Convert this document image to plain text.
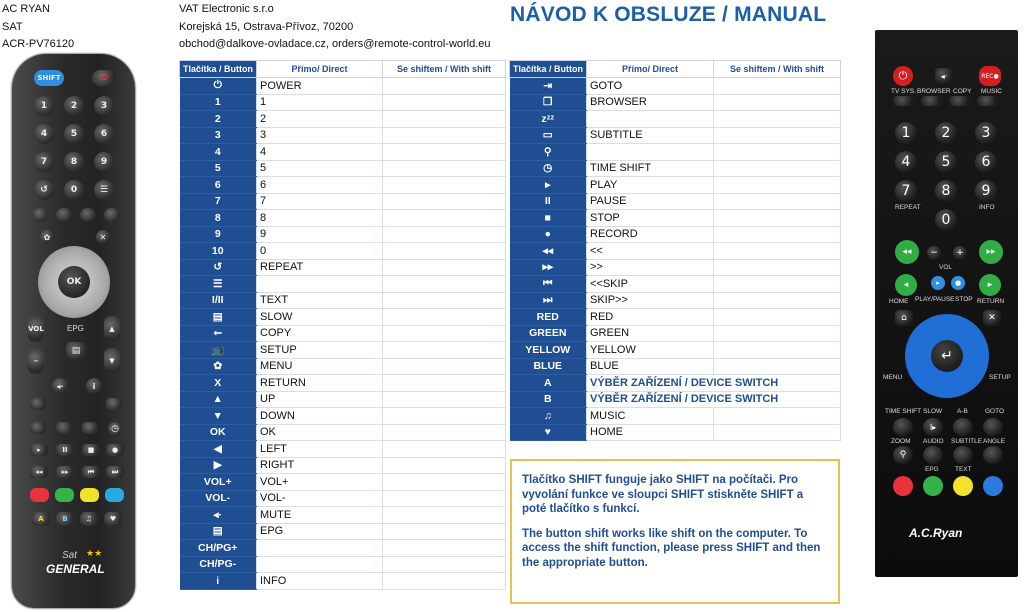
AC RYAN
SAT
ACR-PV76120
VAT Electronic s.r.o
Korejská 15, Ostrava-Přívoz, 70200
obchod@dalkove-ovladace.cz, orders@remote-control-world.eu
NÁVOD K OBSLUZE / MANUAL
SHIFT	⏻
1	2	3
4	5	6
7	8	9
↺	0	☰
✿	✕
OK
EPG
VOL	▲
▤
−	▼
◂·	i
◷
▸	II	■	●
◂◂	▸▸	⏮	⏭
A	B	♫	♥
Sat ★★
GENERAL
Tlačítka / Button	Přímo/ Direct	Se shiftem / With shift
⏻	POWER	
1	1	
2	2	
3	3	
4	4	
5	5	
6	6	
7	7	
8	8	
9	9	
10	0	
↺	REPEAT	
☰		
I/II	TEXT	
▤	SLOW	
⭠	COPY	
📺	SETUP	
✿	MENU	
X	RETURN	
▲	UP	
▼	DOWN	
OK	OK	
◀	LEFT	
▶	RIGHT	
VOL+	VOL+	
VOL-	VOL-	
◂·	MUTE	
▤	EPG	
CH/PG+		
CH/PG-		
i	INFO	
Tlačítka / Button	Přímo/ Direct	Se shiftem / With shift
⇥	GOTO	
❐	BROWSER	
zᶻᶻ		
▭	SUBTITLE	
⚲		
◷	TIME SHIFT	
▸	PLAY	
II	PAUSE	
■	STOP	
●	RECORD	
◂◂	<<	
▸▸	>>	
⏮	<<SKIP	
⏭	SKIP>>	
RED	RED	
GREEN	GREEN	
YELLOW	YELLOW	
BLUE	BLUE	
A	VÝBĚR ZAŘÍZENÍ / DEVICE SWITCH	
B	VÝBĚR ZAŘÍZENÍ / DEVICE SWITCH	
♫	MUSIC	
♥	HOME	

Tlačítko SHIFT funguje jako SHIFT na počítači. Pro vyvolání funkce ve sloupci SHIFT stiskněte SHIFT a poté tlačítko s funkcí.

The button shift works like shift on the computer. To access the shift function, please press SHIFT and then the appropriate button.

⏻	◂·	REC●
TV SYS. BROWSER COPY MUSIC
1	2	3
4	5	6
7	8	9
REPEAT	INFO
0
◂◂	−	+
VOL
▸▸
◂	▸	●	▸
HOME PLAY/PAUSE STOP RETURN
⌂	✕
↵
MENU	SETUP
TIME SHIFT SLOW A-B	GOTO
I▸
ZOOM AUDIO SUBTITLE ANGLE
⚲
EPG	TEXT
A.C.Ryan
